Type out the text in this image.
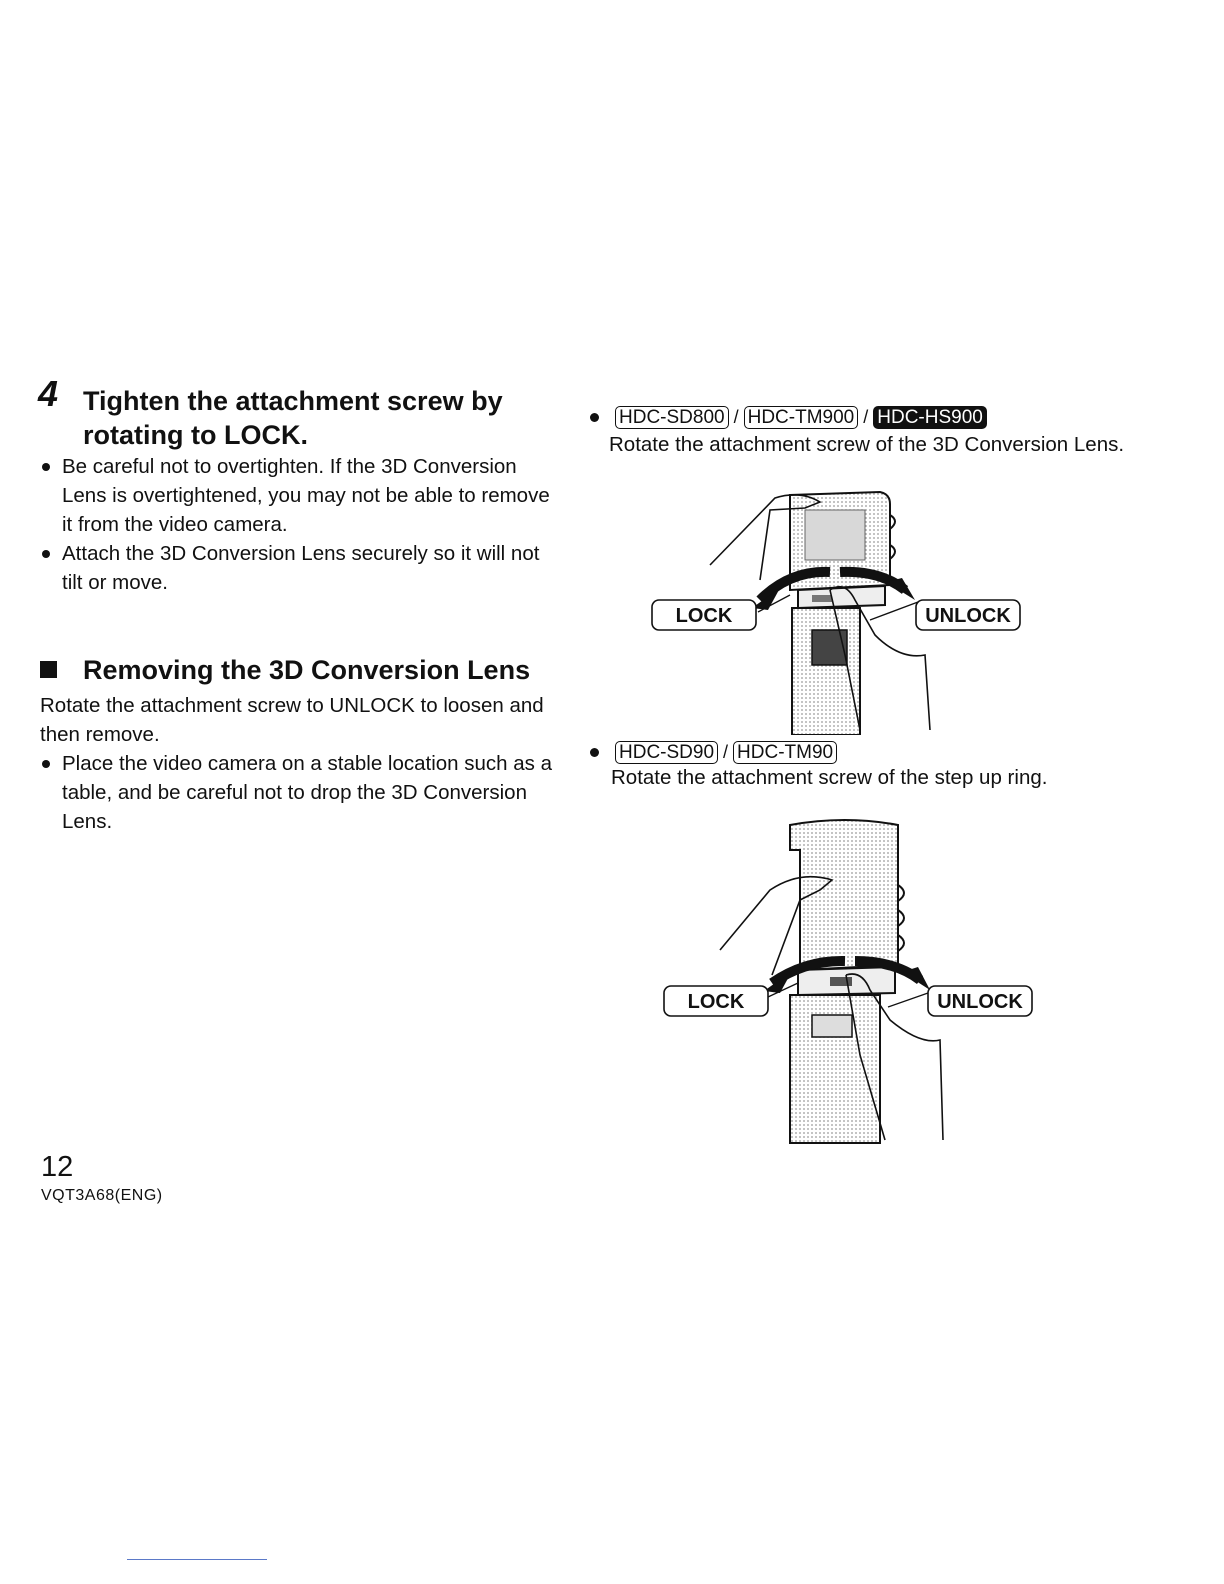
4 Tighten the attachment screw by rotating to LOCK.
Be careful not to overtighten. If the 3D Conversion Lens is overtightened, you may not be able to remove it from the video camera.
Attach the 3D Conversion Lens securely so it will not tilt or move.
Removing the 3D Conversion Lens
Rotate the attachment screw to UNLOCK to loosen and then remove.
Place the video camera on a stable location such as a table, and be careful not to drop the 3D Conversion Lens.
HDC-SD800 / HDC-TM900 / HDC-HS900
Rotate the attachment screw of the 3D Conversion Lens.
LOCK	UNLOCK
HDC-SD90 / HDC-TM90
Rotate the attachment screw of the step up ring.
LOCK	UNLOCK
12
VQT3A68(ENG)
